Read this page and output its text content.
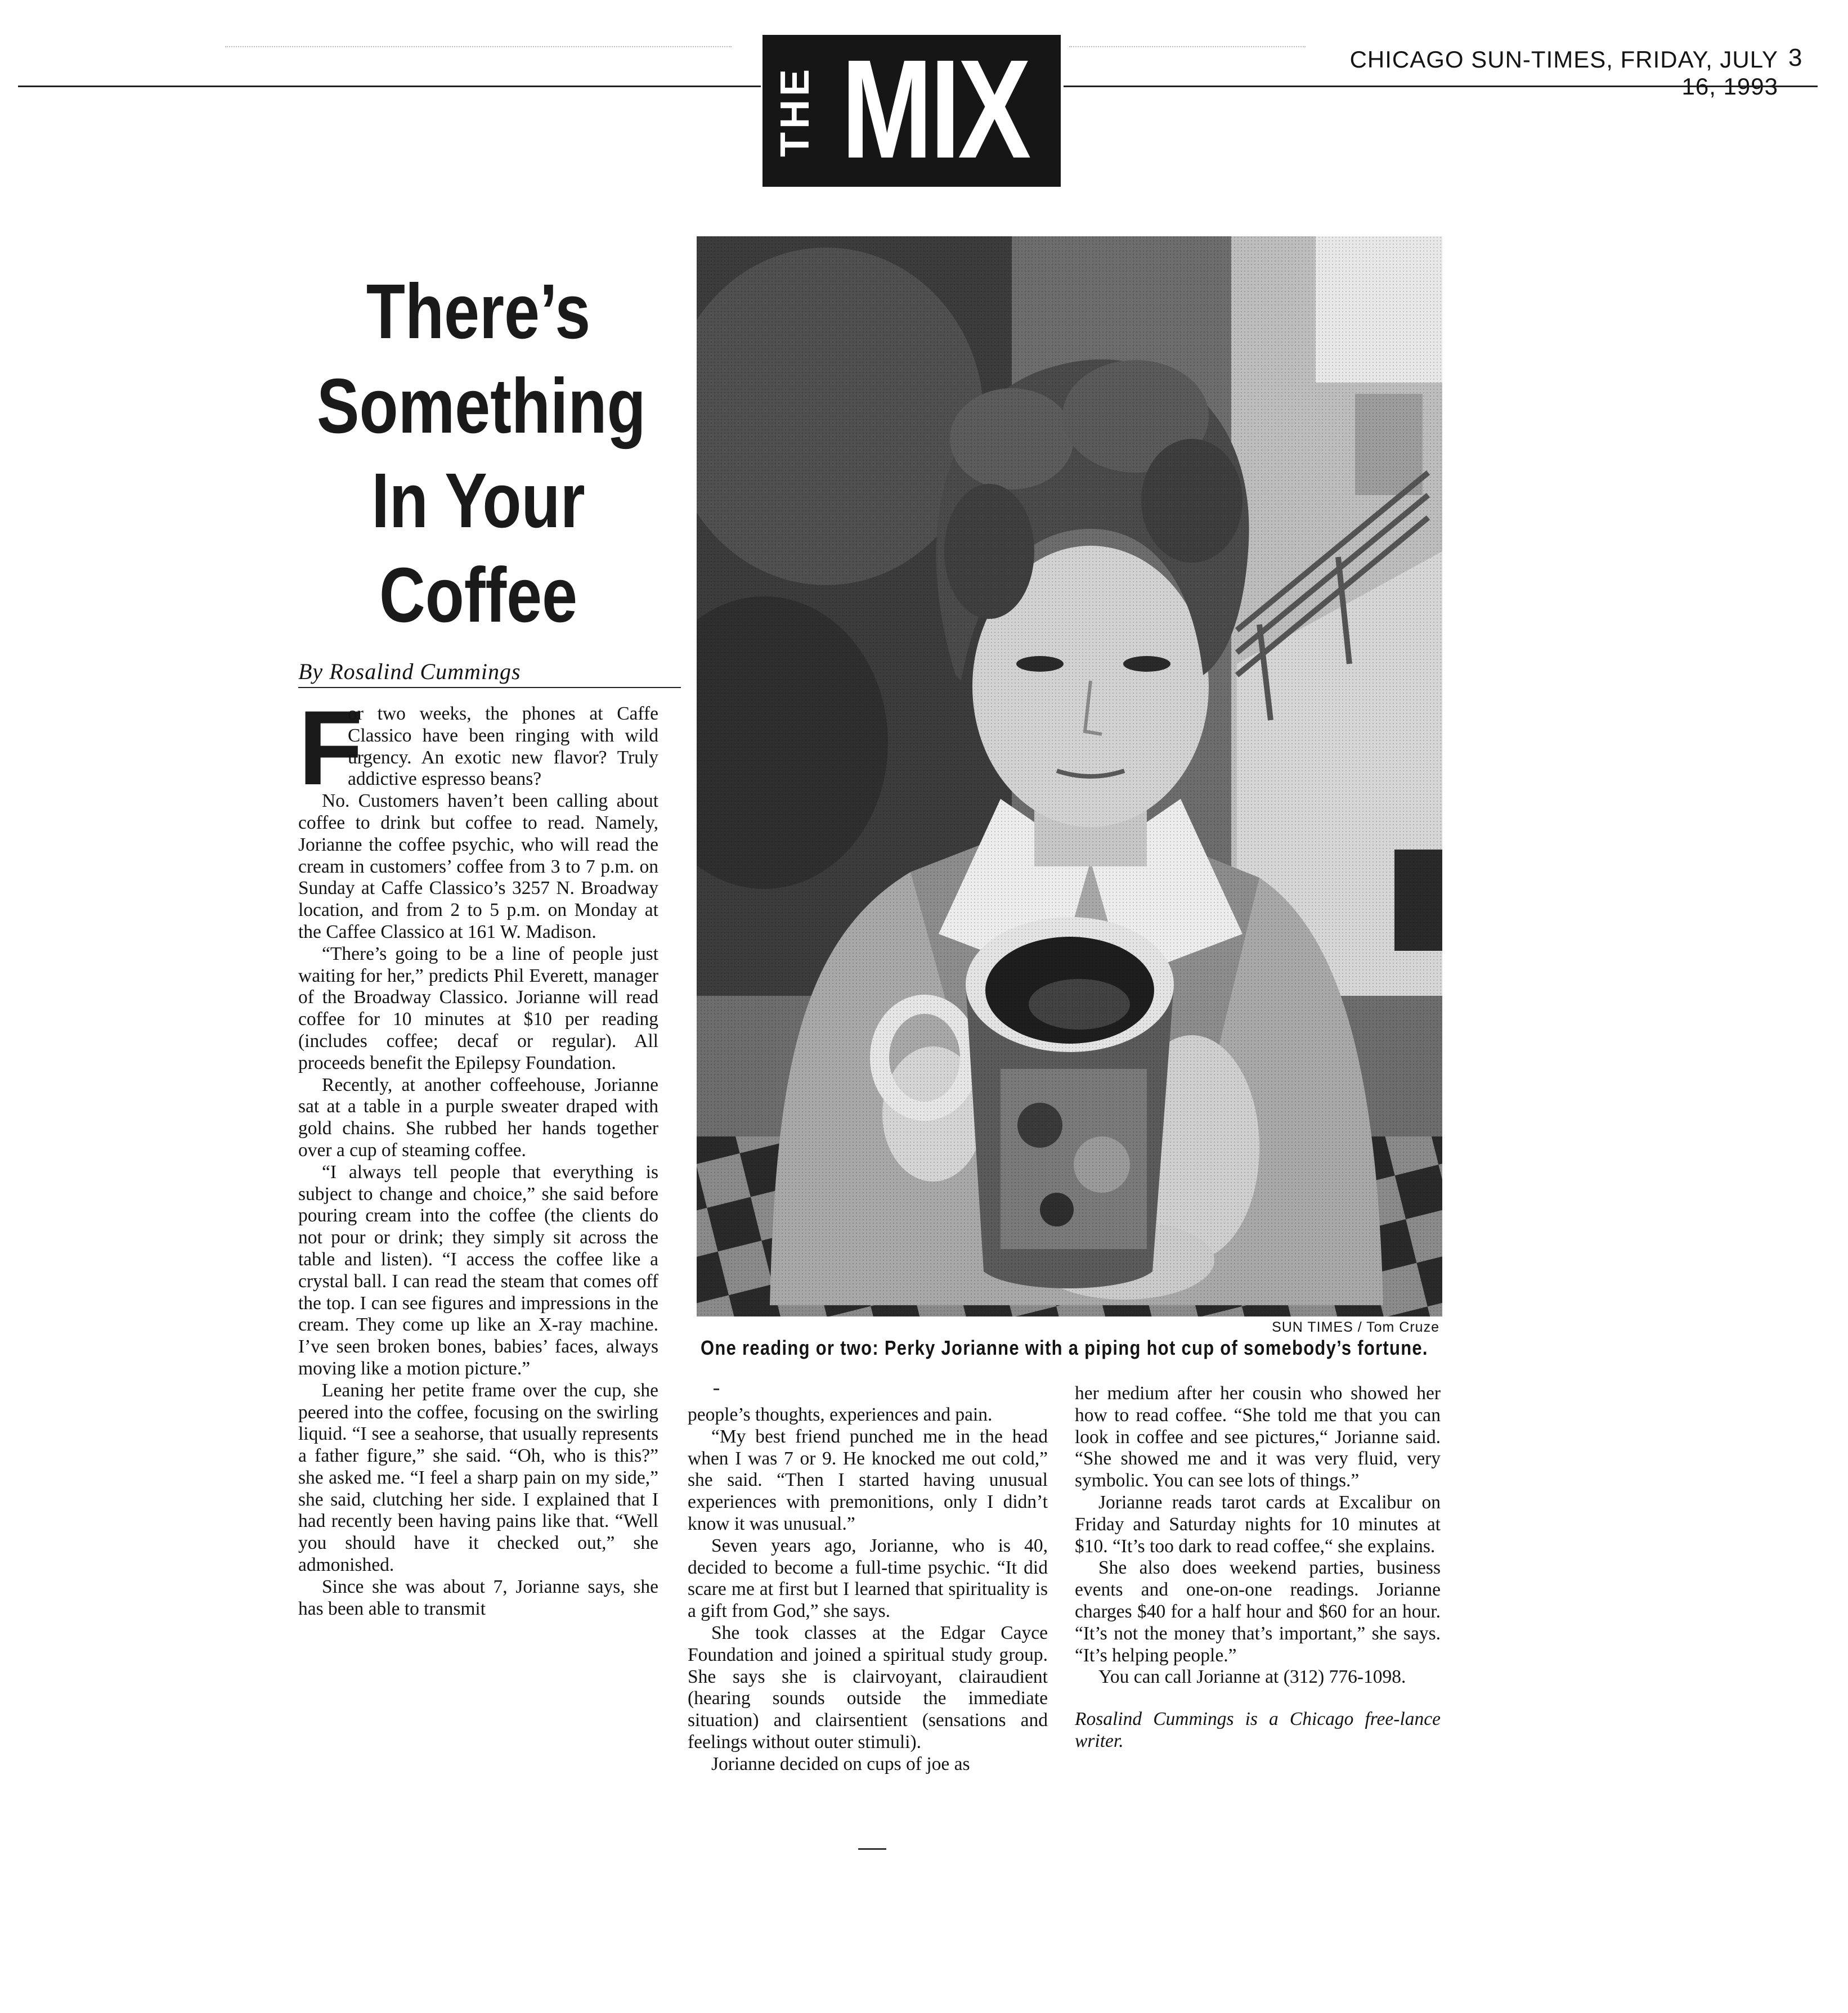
THE MIX	CHICAGO SUN-TIMES, FRIDAY, JULY 16, 1993
3
There’s
Something
In Your
Coffee
By Rosalind Cummings
F

or two weeks, the phones at Caffe Classico have been ringing with wild urgency. An exotic new flavor? Truly addictive espresso beans?

No. Customers haven’t been calling about coffee to drink but coffee to read. Namely, Jorianne the coffee psychic, who will read the cream in customers’ coffee from 3 to 7 p.m. on Sunday at Caffe Classico’s 3257 N. Broadway location, and from 2 to 5 p.m. on Monday at the Caffee Classico at 161 W. Madison.

“There’s going to be a line of people just waiting for her,” predicts Phil Everett, manager of the Broadway Classico. Jorianne will read coffee for 10 minutes at $10 per reading (includes coffee; decaf or regular). All proceeds benefit the Epilepsy Foundation.

Recently, at another coffeehouse, Jorianne sat at a table in a purple sweater draped with gold chains. She rubbed her hands together over a cup of steaming coffee.

“I always tell people that everything is subject to change and choice,” she said before pouring cream into the coffee (the clients do not pour or drink; they simply sit across the table and listen). “I access the coffee like a crystal ball. I can read the steam that comes off the top. I can see figures and impressions in the cream. They come up like an X-ray machine. I’ve seen broken bones, babies’ faces, always moving like a motion picture.”

Leaning her petite frame over the cup, she peered into the coffee, focusing on the swirling liquid. “I see a seahorse, that usually represents a father figure,” she said. “Oh, who is this?” she asked me. “I feel a sharp pain on my side,” she said, clutching her side. I explained that I had recently been having pains like that. “Well you should have it checked out,” she admonished.

Since she was about 7, Jorianne says, she has been able to transmit

SUN TIMES / Tom Cruze
One reading or two: Perky Jorianne with a piping hot cup of somebody’s fortune.

people’s thoughts, experiences and pain.

“My best friend punched me in the head when I was 7 or 9. He knocked me out cold,” she said. “Then I started having unusual experiences with premonitions, only I didn’t know it was unusual.”

Seven years ago, Jorianne, who is 40, decided to become a full-time psychic. “It did scare me at first but I learned that spirituality is a gift from God,” she says.

She took classes at the Edgar Cayce Foundation and joined a spiritual study group. She says she is clairvoyant, clairaudient (hearing sounds outside the immediate situation) and clairsentient (sensations and feelings without outer stimuli).

Jorianne decided on cups of joe as

her medium after her cousin who showed her how to read coffee. “She told me that you can look in coffee and see pictures,“ Jorianne said. “She showed me and it was very fluid, very symbolic. You can see lots of things.”

Jorianne reads tarot cards at Excalibur on Friday and Saturday nights for 10 minutes at $10. “It’s too dark to read coffee,“ she explains.

She also does weekend parties, business events and one-on-one readings. Jorianne charges $40 for a half hour and $60 for an hour. “It’s not the money that’s important,” she says. “It’s helping people.”

You can call Jorianne at (312) 776-1098.

Rosalind Cummings is a Chicago free-lance writer.
